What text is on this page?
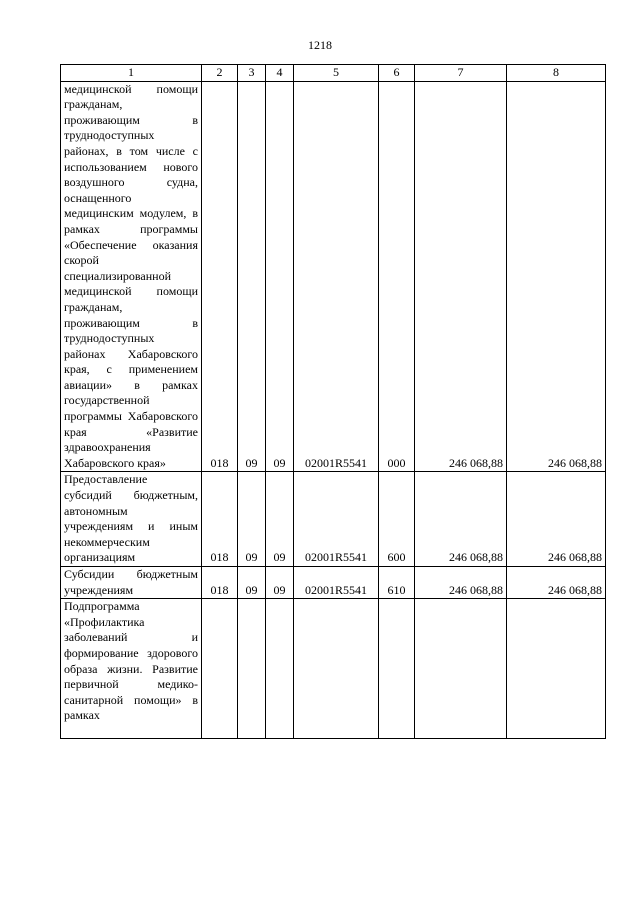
1218
1	2	3	4	5	6	7	8
медицинской помощи гражданам, проживающим в труднодоступных районах, в том числе с использованием нового воздушного судна, оснащенного медицинским модулем, в рамках программы «Обеспечение оказания скорой специализированной медицинской помощи гражданам, проживающим в труднодоступных районах Хабаровского края, с применением авиации» в рамках государственной программы Хабаровского края «Развитие здравоохранения Хабаровского края»	018	09	09	02001R5541	000	246 068,88	246 068,88
Предоставление субсидий бюджетным, автономным учреждениям и иным некоммерческим организациям	018	09	09	02001R5541	600	246 068,88	246 068,88
Субсидии бюджетным учреждениям	018	09	09	02001R5541	610	246 068,88	246 068,88
Подпрограмма «Профилактика заболеваний и формирование здорового образа жизни. Развитие первичной медико-санитарной помощи» в рамках							
